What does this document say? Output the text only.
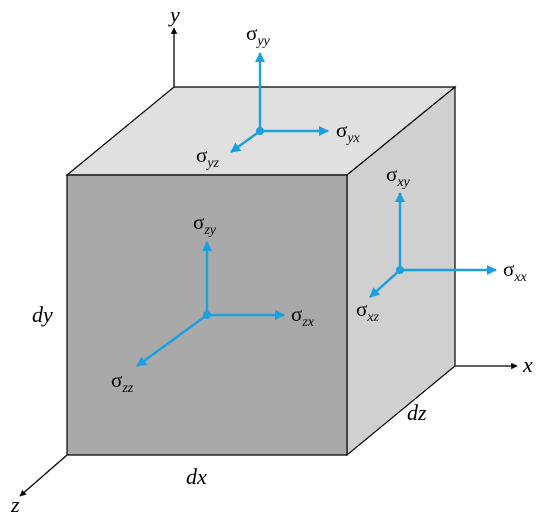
y
x
z
dy
dx
dz
$\sigma_{yy}$
$\sigma_{yx}$
$\sigma_{yz}$	$\sigma_{xy}$
$\sigma_{xx}$
$\sigma_{xz}$
$\sigma_{zy}$
$\sigma_{zx}$
$\sigma_{zz}$
